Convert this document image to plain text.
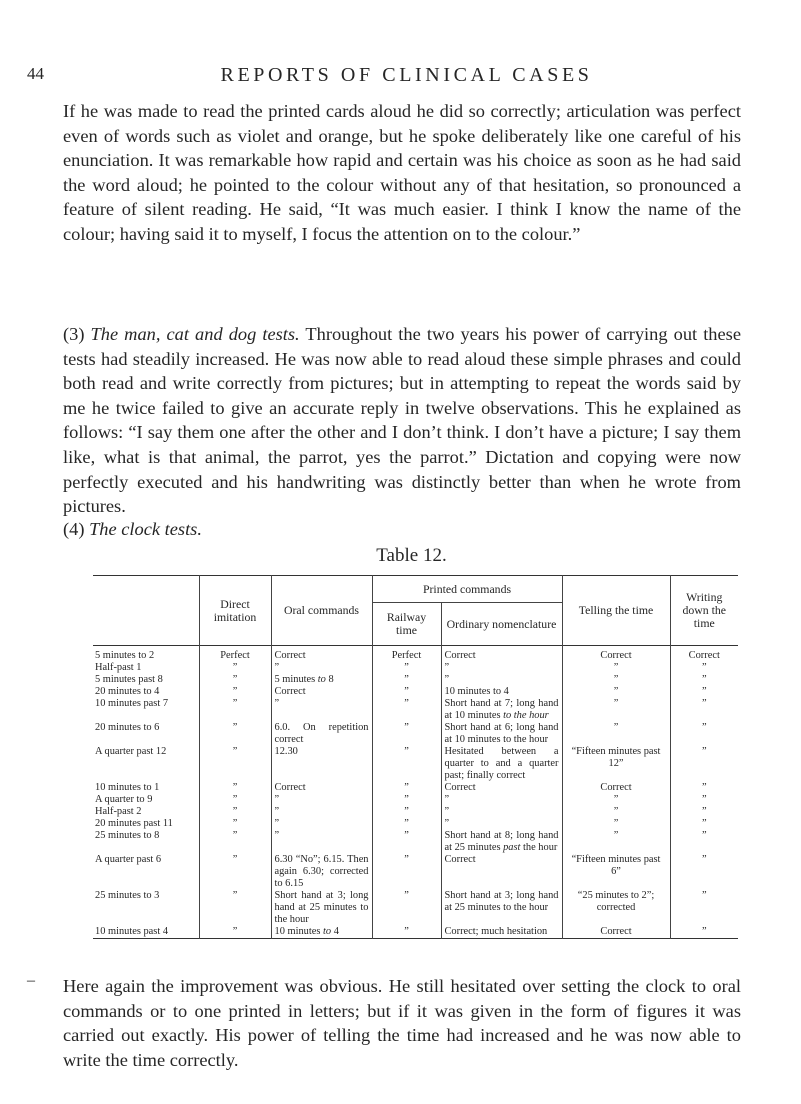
44	REPORTS OF CLINICAL CASES
If he was made to read the printed cards aloud he did so correctly; articulation was perfect even of words such as violet and orange, but he spoke deliberately like one careful of his enunciation. It was remarkable how rapid and certain was his choice as soon as he had said the word aloud; he pointed to the colour without any of that hesitation, so pronounced a feature of silent reading. He said, “It was much easier. I think I know the name of the colour; having said it to myself, I focus the attention on to the colour.”
(3) The man, cat and dog tests. Throughout the two years his power of carrying out these tests had steadily increased. He was now able to read aloud these simple phrases and could both read and write correctly from pictures; but in attempting to repeat the words said by me he twice failed to give an accurate reply in twelve observations. This he explained as follows: “I say them one after the other and I don’t think. I don’t have a picture; I say them like, what is that animal, the parrot, yes the parrot.” Dictation and copying were now perfectly executed and his handwriting was distinctly better than when he wrote from pictures.
(4) The clock tests.
Table 12.
	Direct imitation	Oral commands	Printed commands		Telling the time	Writing down the time
			Railway time	Ordinary nomenclature		
5 minutes to 2	Perfect	Correct	Perfect	Correct	Correct	Correct
Half-past 1	”	”	”	”	”	”
5 minutes past 8	”	5 minutes to 8	”	”	”	”
20 minutes to 4	”	Correct	”	10 minutes to 4	”	”
10 minutes past 7	”	”	”	Short hand at 7; long hand at 10 minutes to the hour	”	”
20 minutes to 6	”	6.0. On repetition correct	”	Short hand at 6; long hand at 10 minutes to the hour	”	”
A quarter past 12	”	12.30	”	Hesitated between a quarter to and a quarter past; finally correct	“Fifteen minutes past 12”	”
10 minutes to 1	”	Correct	”	Correct	Correct	”
A quarter to 9	”	”	”	”	”	”
Half-past 2	”	”	”	”	”	”
20 minutes past 11	”	”	”	”	”	”
25 minutes to 8	”	”	”	Short hand at 8; long hand at 25 minutes past the hour	”	”
A quarter past 6	”	6.30 “No”; 6.15. Then again 6.30; corrected to 6.15	”	Correct	“Fifteen minutes past 6”	”
25 minutes to 3	”	Short hand at 3; long hand at 25 minutes to the hour	”	Short hand at 3; long hand at 25 minutes to the hour	“25 minutes to 2”; corrected	”
10 minutes past 4	”	10 minutes to 4	”	Correct; much hesitation	Correct	”
– Here again the improvement was obvious. He still hesitated over setting the clock to oral commands or to one printed in letters; but if it was given in the form of figures it was carried out exactly. His power of telling the time had increased and he was now able to write the time correctly.
